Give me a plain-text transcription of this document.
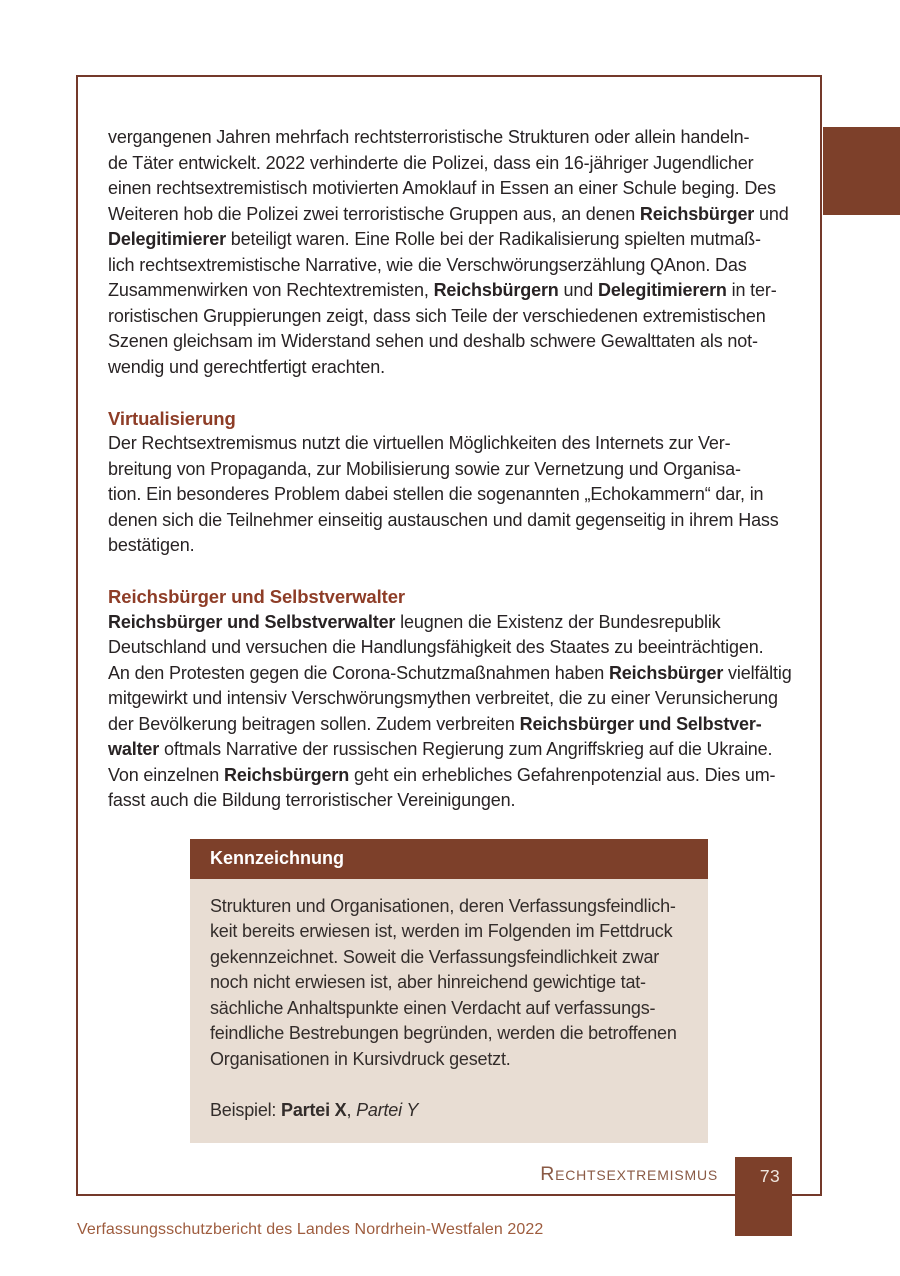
vergangenen Jahren mehrfach rechtsterroristische Strukturen oder allein handeln-
de Täter entwickelt. 2022 verhinderte die Polizei, dass ein 16-jähriger Jugendlicher
einen rechtsextremistisch motivierten Amoklauf in Essen an einer Schule beging. Des
Weiteren hob die Polizei zwei terroristische Gruppen aus, an denen Reichsbürger und
Delegitimierer beteiligt waren. Eine Rolle bei der Radikalisierung spielten mutmaß-
lich rechtsextremistische Narrative, wie die Verschwörungserzählung QAnon. Das
Zusammenwirken von Rechtextremisten, Reichsbürgern und Delegitimierern in ter-
roristischen Gruppierungen zeigt, dass sich Teile der verschiedenen extremistischen
Szenen gleichsam im Widerstand sehen und deshalb schwere Gewalttaten als not-
wendig und gerechtfertigt erachten.
Virtualisierung
Der Rechtsextremismus nutzt die virtuellen Möglichkeiten des Internets zur Ver-
breitung von Propaganda, zur Mobilisierung sowie zur Vernetzung und Organisa-
tion. Ein besonderes Problem dabei stellen die sogenannten „Echokammern“ dar, in
denen sich die Teilnehmer einseitig austauschen und damit gegenseitig in ihrem Hass
bestätigen.
Reichsbürger und Selbstverwalter
Reichsbürger und Selbstverwalter leugnen die Existenz der Bundesrepublik
Deutschland und versuchen die Handlungsfähigkeit des Staates zu beeinträchtigen.
An den Protesten gegen die Corona-Schutzmaßnahmen haben Reichsbürger vielfältig
mitgewirkt und intensiv Verschwörungsmythen verbreitet, die zu einer Verunsicherung
der Bevölkerung beitragen sollen. Zudem verbreiten Reichsbürger und Selbstver-
walter oftmals Narrative der russischen Regierung zum Angriffskrieg auf die Ukraine.
Von einzelnen Reichsbürgern geht ein erhebliches Gefahrenpotenzial aus. Dies um-
fasst auch die Bildung terroristischer Vereinigungen.
Kennzeichnung
Strukturen und Organisationen, deren Verfassungsfeindlich-
keit bereits erwiesen ist, werden im Folgenden im Fettdruck
gekennzeichnet. Soweit die Verfassungsfeindlichkeit zwar
noch nicht erwiesen ist, aber hinreichend gewichtige tat-
sächliche Anhaltspunkte einen Verdacht auf verfassungs-
feindliche Bestrebungen begründen, werden die betroffenen
Organisationen in Kursivdruck gesetzt.
Beispiel: Partei X, Partei Y
Rechtsextremismus	73
Verfassungsschutzbericht des Landes Nordrhein-Westfalen 2022
